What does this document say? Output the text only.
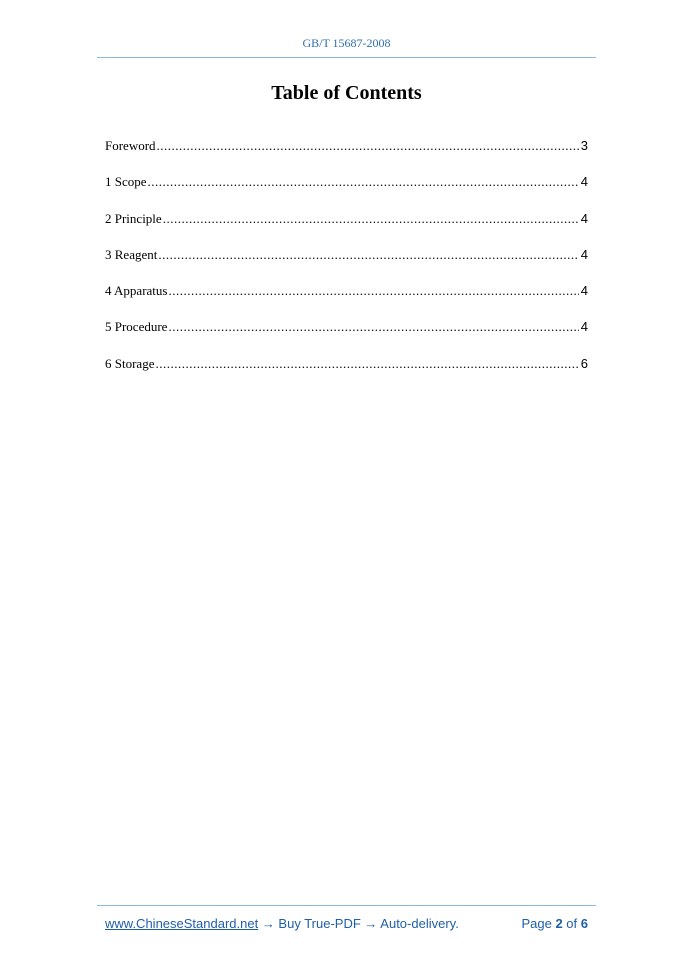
GB/T 15687-2008
Table of Contents
Foreword .....	3
1 Scope .....	4
2 Principle .....	4
3 Reagent .....	4
4 Apparatus .....	4
5 Procedure .....	4
6 Storage .....	6
www.ChineseStandard.net → Buy True-PDF → Auto-delivery.	Page 2 of 6
